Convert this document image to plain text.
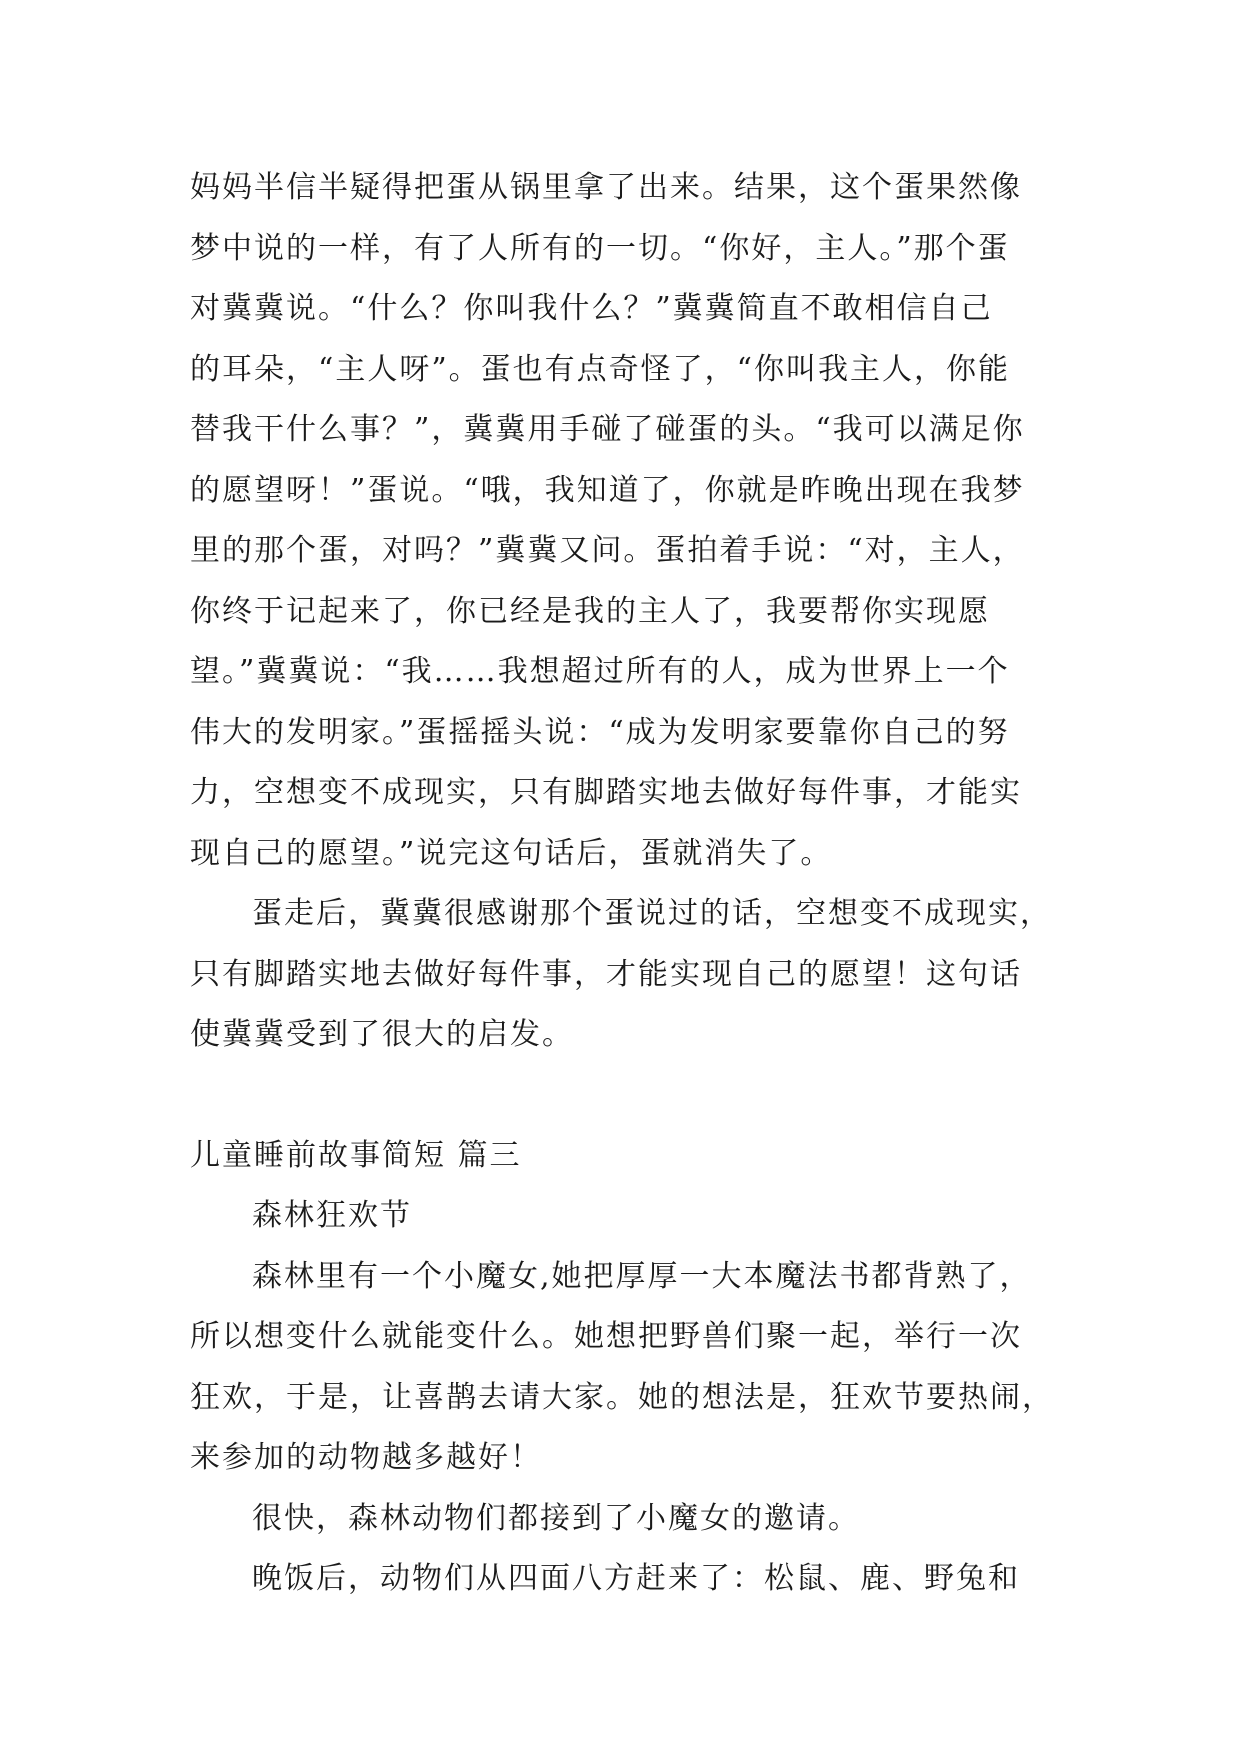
妈妈半信半疑得把蛋从锅里拿了出来。结果，这个蛋果然像
梦中说的一样，有了人所有的一切。“你好，主人。”那个蛋
对冀冀说。“什么？你叫我什么？”冀冀简直不敢相信自己
的耳朵，“主人呀”。蛋也有点奇怪了，“你叫我主人，你能
替我干什么事？”，冀冀用手碰了碰蛋的头。“我可以满足你
的愿望呀！”蛋说。“哦，我知道了，你就是昨晚出现在我梦
里的那个蛋，对吗？”冀冀又问。蛋拍着手说：“对，主人，
你终于记起来了，你已经是我的主人了，我要帮你实现愿
望。”冀冀说：“我……我想超过所有的人，成为世界上一个
伟大的发明家。”蛋摇摇头说：“成为发明家要靠你自己的努
力，空想变不成现实，只有脚踏实地去做好每件事，才能实
现自己的愿望。”说完这句话后，蛋就消失了。
蛋走后，冀冀很感谢那个蛋说过的话，空想变不成现实，
只有脚踏实地去做好每件事，才能实现自己的愿望！这句话
使冀冀受到了很大的启发。

儿童睡前故事简短 篇三

森林狂欢节

森林里有一个小魔女,她把厚厚一大本魔法书都背熟了，
所以想变什么就能变什么。她想把野兽们聚一起，举行一次
狂欢，于是，让喜鹊去请大家。她的想法是，狂欢节要热闹，
来参加的动物越多越好！
很快，森林动物们都接到了小魔女的邀请。
晚饭后，动物们从四面八方赶来了：松鼠、鹿、野兔和
